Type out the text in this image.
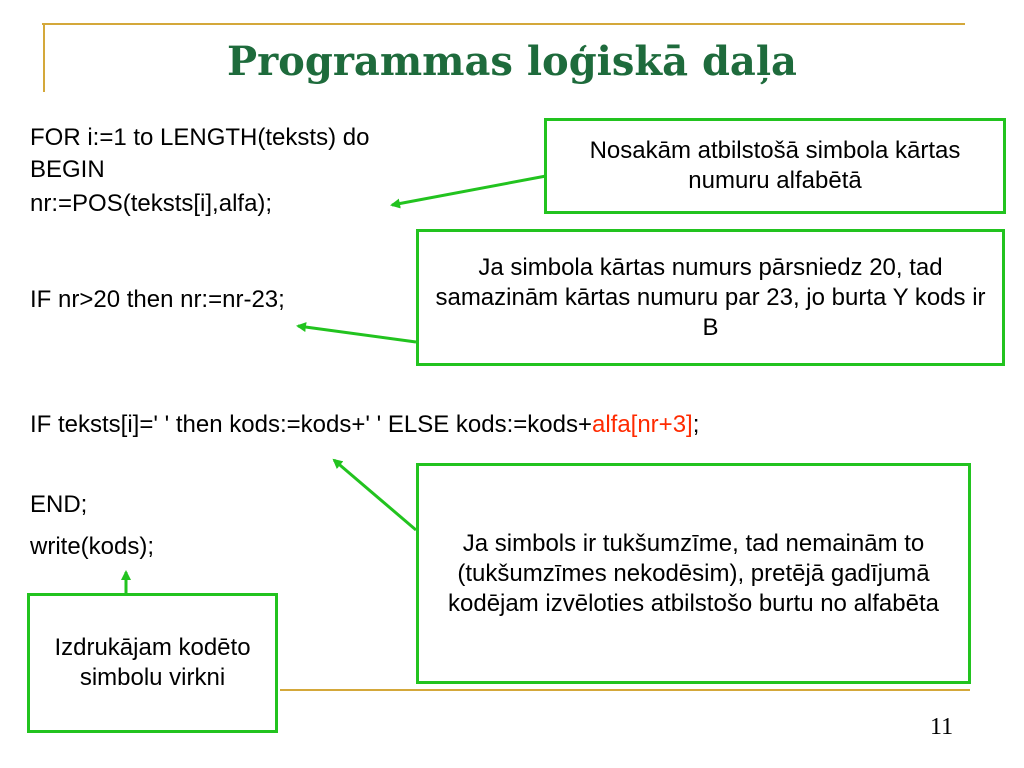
Programmas loģiskā daļa
FOR i:=1 to LENGTH(teksts) do
BEGIN
nr:=POS(teksts[i],alfa);
IF nr>20 then nr:=nr-23;
IF teksts[i]=' ' then kods:=kods+' ' ELSE kods:=kods+alfa[nr+3];
END;
write(kods);
Nosakām atbilstošā simbola kārtas numuru alfabētā
Ja simbola kārtas numurs pārsniedz 20, tad samazinām kārtas numuru par 23, jo burta Y kods ir B
Ja simbols ir tukšumzīme, tad nemainām to (tukšumzīmes nekodēsim), pretējā gadījumā kodējam izvēloties atbilstošo burtu no alfabēta
Izdrukājam kodēto simbolu virkni
11
